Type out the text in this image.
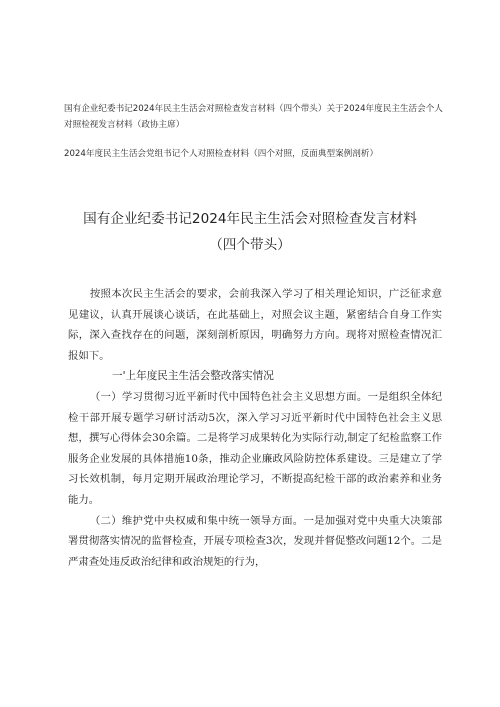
国有企业纪委书记2024年民主生活会对照检查发言材料（四个带头）关于2024年度民主生活会个人对照检视发言材料（政协主席）

2024年度民主生活会党组书记个人对照检查材料（四个对照，反面典型案例剖析）

国有企业纪委书记2024年民主生活会对照检查发言材料
（四个带头）

按照本次民主生活会的要求，会前我深入学习了相关理论知识，广泛征求意见建议，认真开展谈心谈话，在此基础上，对照会议主题，紧密结合自身工作实际，深入查找存在的问题，深刻剖析原因，明确努力方向。现将对照检查情况汇报如下。

一'上年度民主生活会整改落实情况

（一）学习贯彻习近平新时代中国特色社会主义思想方面。一是组织全体纪检干部开展专题学习研讨活动5次，深入学习习近平新时代中国特色社会主义思想，撰写心得体会30余篇。二是将学习成果转化为实际行动,制定了纪检监察工作服务企业发展的具体措施10条，推动企业廉政风险防控体系建设。三是建立了学习长效机制，每月定期开展政治理论学习，不断提高纪检干部的政治素养和业务能力。

（二）维护党中央权威和集中统一领导方面。一是加强对党中央重大决策部署贯彻落实情况的监督检查，开展专项检查3次，发现并督促整改问题12个。二是严肃查处违反政治纪律和政治规矩的行为，
